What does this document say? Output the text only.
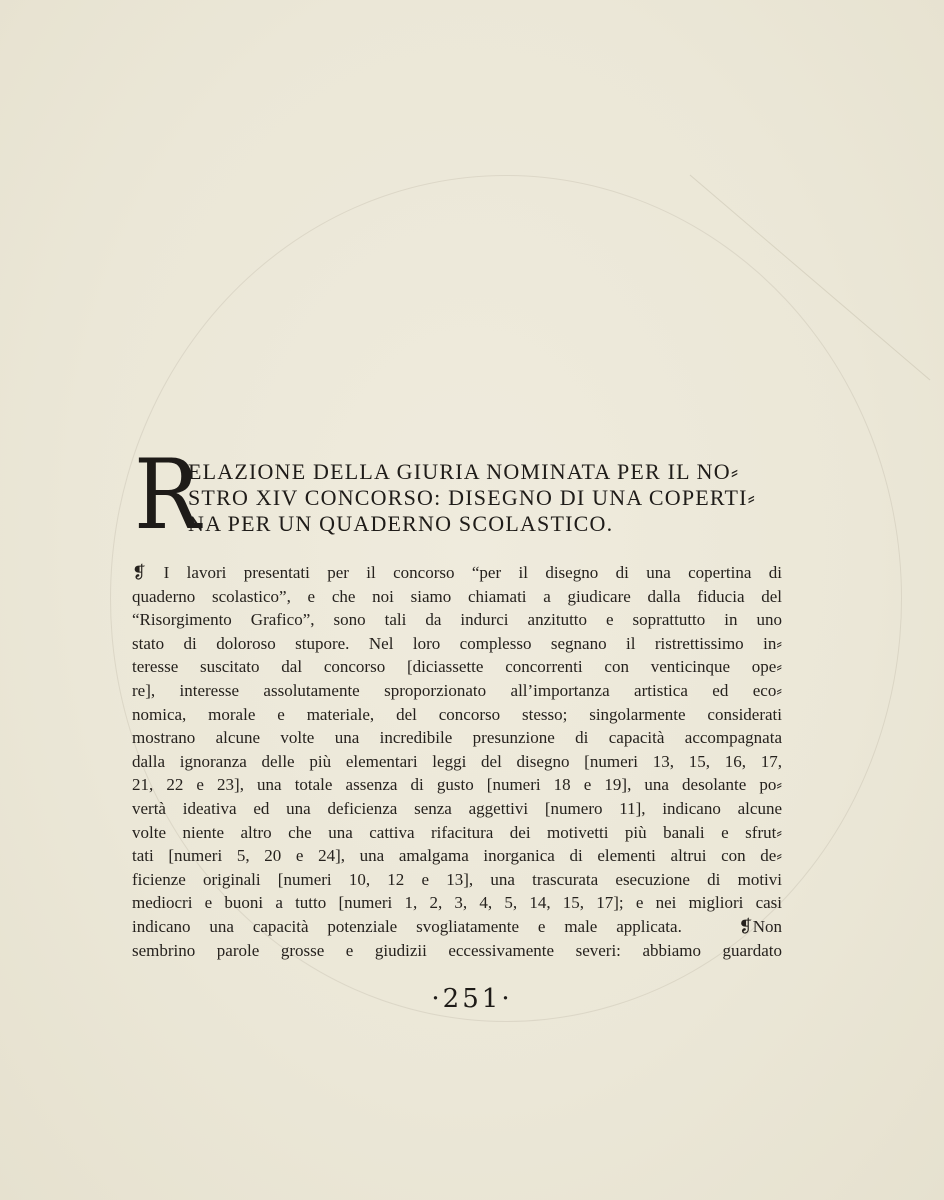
R
ELAZIONE DELLA GIURIA NOMINATA PER IL NO⸗
STRO XIV CONCORSO: DISEGNO DI UNA COPERTI⸗
NA PER UN QUADERNO SCOLASTICO.
❡ I lavori presentati per il concorso “per il disegno di una copertina di
quaderno scolastico”, e che noi siamo chiamati a giudicare dalla fiducia del
“Risorgimento Grafico”, sono tali da indurci anzitutto e soprattutto in uno
stato di doloroso stupore. Nel loro complesso segnano il ristrettissimo in⸗
teresse suscitato dal concorso [diciassette concorrenti con venticinque ope⸗
re], interesse assolutamente sproporzionato all’importanza artistica ed eco⸗
nomica, morale e materiale, del concorso stesso; singolarmente considerati
mostrano alcune volte una incredibile presunzione di capacità accompagnata
dalla ignoranza delle più elementari leggi del disegno [numeri 13, 15, 16, 17,
21, 22 e 23], una totale assenza di gusto [numeri 18 e 19], una desolante po⸗
vertà ideativa ed una deficienza senza aggettivi [numero 11], indicano alcune
volte niente altro che una cattiva rifacitura dei motivetti più banali e sfrut⸗
tati [numeri 5, 20 e 24], una amalgama inorganica di elementi altrui con de⸗
ficienze originali [numeri 10, 12 e 13], una trascurata esecuzione di motivi
mediocri e buoni a tutto [numeri 1, 2, 3, 4, 5, 14, 15, 17]; e nei migliori casi
indicano una capacità potenziale svogliatamente e male applicata.	❡Non
sembrino parole grosse e giudizii eccessivamente severi: abbiamo guardato
·251·
